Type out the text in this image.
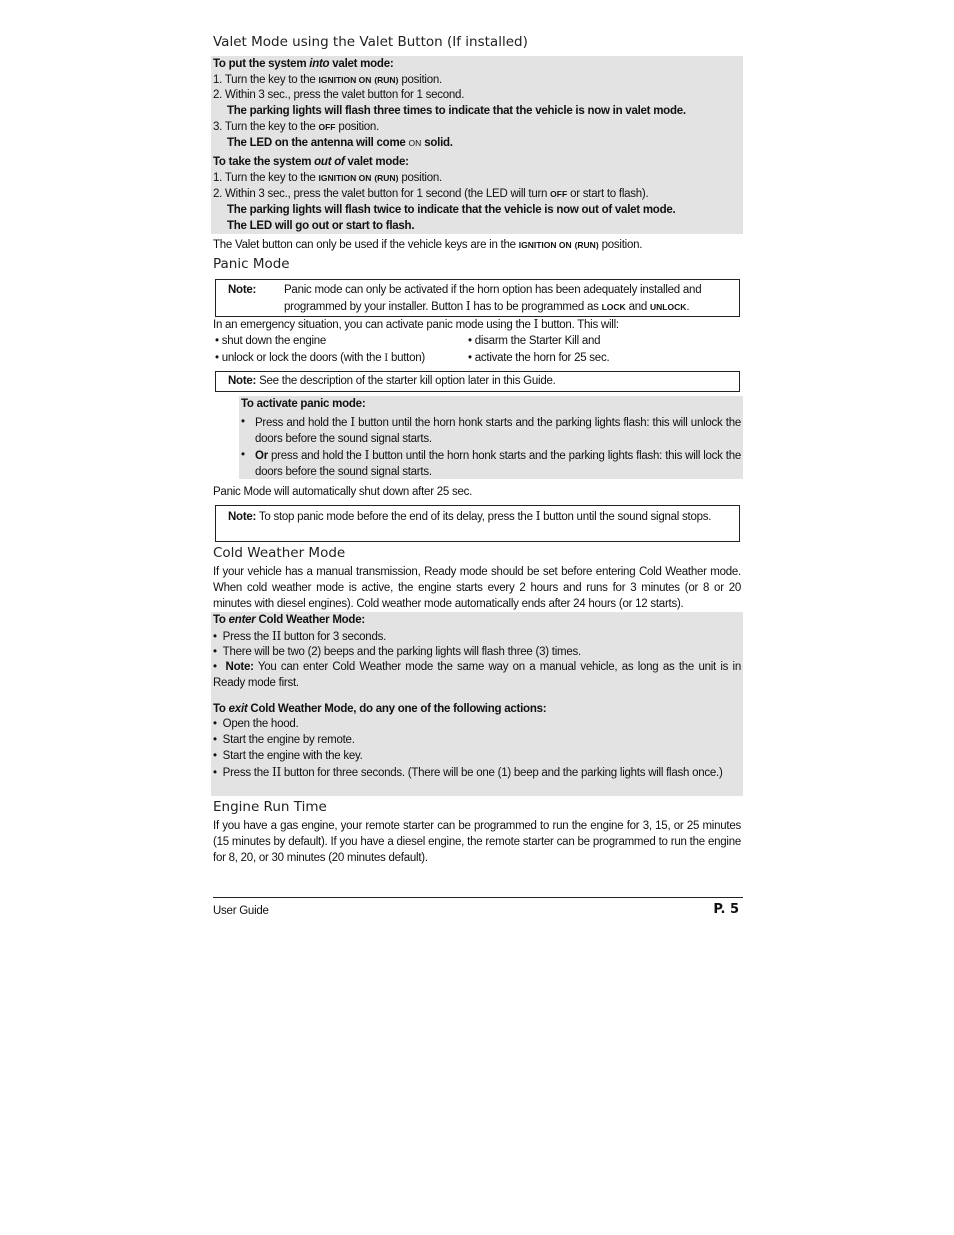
Valet Mode using the Valet Button (If installed)
To put the system into valet mode:
1. Turn the key to the IGNITION ON (RUN) position.
2. Within 3 sec., press the valet button for 1 second.
The parking lights will flash three times to indicate that the vehicle is now in valet mode.
3. Turn the key to the OFF position.
The LED on the antenna will come ON solid.
To take the system out of valet mode:
1. Turn the key to the IGNITION ON (RUN) position.
2. Within 3 sec., press the valet button for 1 second (the LED will turn OFF or start to flash).
The parking lights will flash twice to indicate that the vehicle is now out of valet mode.
The LED will go out or start to flash.
The Valet button can only be used if the vehicle keys are in the IGNITION ON (RUN) position.
Panic Mode
Note: Panic mode can only be activated if the horn option has been adequately installed and
programmed by your installer. Button I has to be programmed as LOCK and UNLOCK.
In an emergency situation, you can activate panic mode using the I button. This will:
• shut down the engine
• unlock or lock the doors (with the I button)
• disarm the Starter Kill and
• activate the horn for 25 sec.
Note: See the description of the starter kill option later in this Guide.
To activate panic mode:
• Press and hold the I button until the horn honk starts and the parking lights flash: this will unlock the doors before the sound signal starts.
• Or press and hold the I button until the horn honk starts and the parking lights flash: this will lock the doors before the sound signal starts.
Panic Mode will automatically shut down after 25 sec.
Note: To stop panic mode before the end of its delay, press the I button until the sound signal stops.
Cold Weather Mode
If your vehicle has a manual transmission, Ready mode should be set before entering Cold Weather mode. When cold weather mode is active, the engine starts every 2 hours and runs for 3 minutes (or 8 or 20 minutes with diesel engines). Cold weather mode automatically ends after 24 hours (or 12 starts).
To enter Cold Weather Mode:
• Press the II button for 3 seconds.
• There will be two (2) beeps and the parking lights will flash three (3) times.
• Note: You can enter Cold Weather mode the same way on a manual vehicle, as long as the unit is in Ready mode first.
To exit Cold Weather Mode, do any one of the following actions:
• Open the hood.
• Start the engine by remote.
• Start the engine with the key.
• Press the II button for three seconds. (There will be one (1) beep and the parking lights will flash once.)
Engine Run Time
If you have a gas engine, your remote starter can be programmed to run the engine for 3, 15, or 25 minutes (15 minutes by default). If you have a diesel engine, the remote starter can be programmed to run the engine for 8, 20, or 30 minutes (20 minutes default).
User Guide	P. 5
